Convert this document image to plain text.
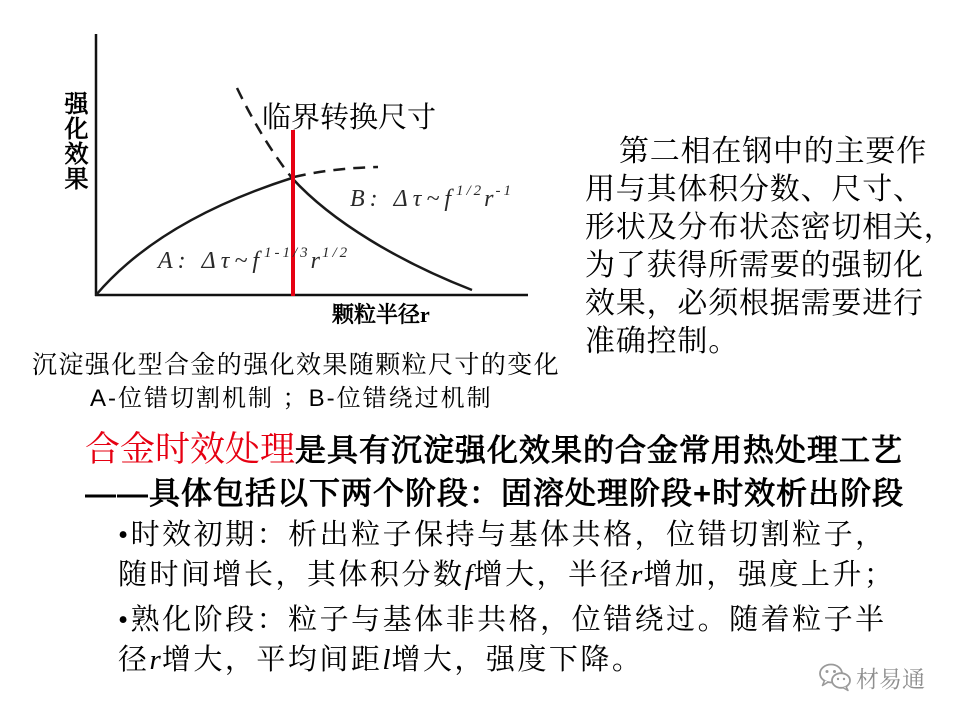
强化效果
颗粒半径r
临界转换尺寸
B: $\Delta\tau\sim f^{1/2}r^{-1}$
A: $\Delta\tau\sim f^{1-1/3}r^{1/2}$
沉淀强化型合金的强化效果随颗粒尺寸的变化
A-位错切割机制 ；B-位错绕过机制
第二相在钢中的主要作
用与其体积分数、尺寸、
形状及分布状态密切相关，
为了获得所需要的强韧化
效果，必须根据需要进行
准确控制。
合金时效处理是具有沉淀强化效果的合金常用热处理工艺
——具体包括以下两个阶段：固溶处理阶段+时效析出阶段
•时效初期：析出粒子保持与基体共格，位错切割粒子，
随时间增长，其体积分数f增大，半径r增加，强度上升；
•熟化阶段：粒子与基体非共格，位错绕过。随着粒子半
径r增大，平均间距l增大，强度下降。
材易通
